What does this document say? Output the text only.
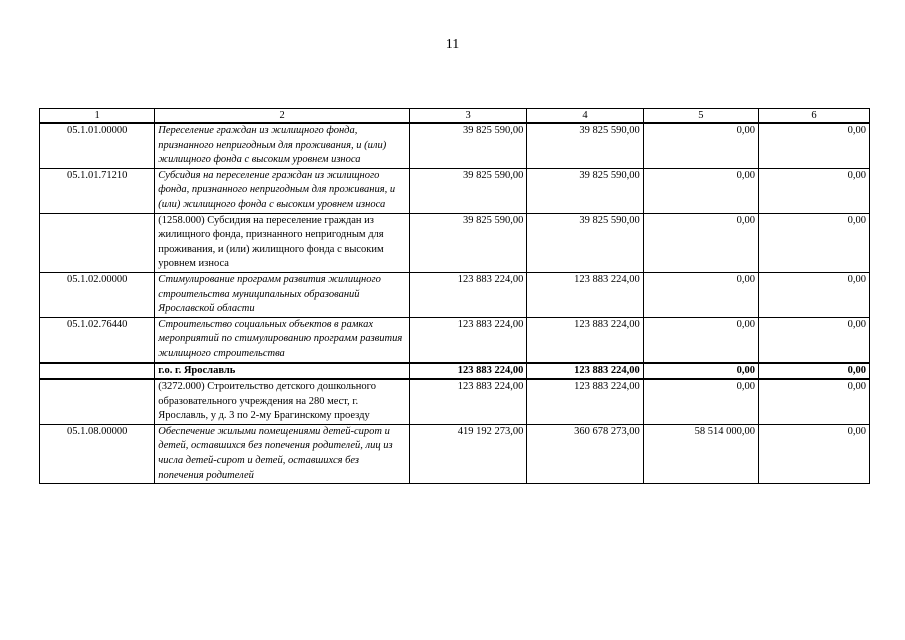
11
1	2	3	4	5	6
05.1.01.00000	Переселение граждан из жилищного фонда, признанного непригодным для проживания, и (или) жилищного фонда с высоким уровнем износа	39 825 590,00	39 825 590,00	0,00	0,00
05.1.01.71210	Субсидия на переселение граждан из жилищного фонда, признанного непригодным для проживания, и (или) жилищного фонда с высоким уровнем износа	39 825 590,00	39 825 590,00	0,00	0,00
	(1258.000) Субсидия на переселение граждан из жилищного фонда, признанного непригодным для проживания, и (или) жилищного фонда с высоким уровнем износа	39 825 590,00	39 825 590,00	0,00	0,00
05.1.02.00000	Стимулирование программ развития жилищного строительства муниципальных образований Ярославской области	123 883 224,00	123 883 224,00	0,00	0,00
05.1.02.76440	Строительство социальных объектов в рамках мероприятий по стимулированию программ развития жилищного строительства	123 883 224,00	123 883 224,00	0,00	0,00
	г.о. г. Ярославль	123 883 224,00	123 883 224,00	0,00	0,00
	(3272.000) Строительство детского дошкольного образовательного учреждения на 280 мест, г. Ярославль, у д. 3 по 2-му Брагинскому проезду	123 883 224,00	123 883 224,00	0,00	0,00
05.1.08.00000	Обеспечение жилыми помещениями детей-сирот и детей, оставшихся без попечения родителей, лиц из числа детей-сирот и детей, оставшихся без попечения родителей	419 192 273,00	360 678 273,00	58 514 000,00	0,00
